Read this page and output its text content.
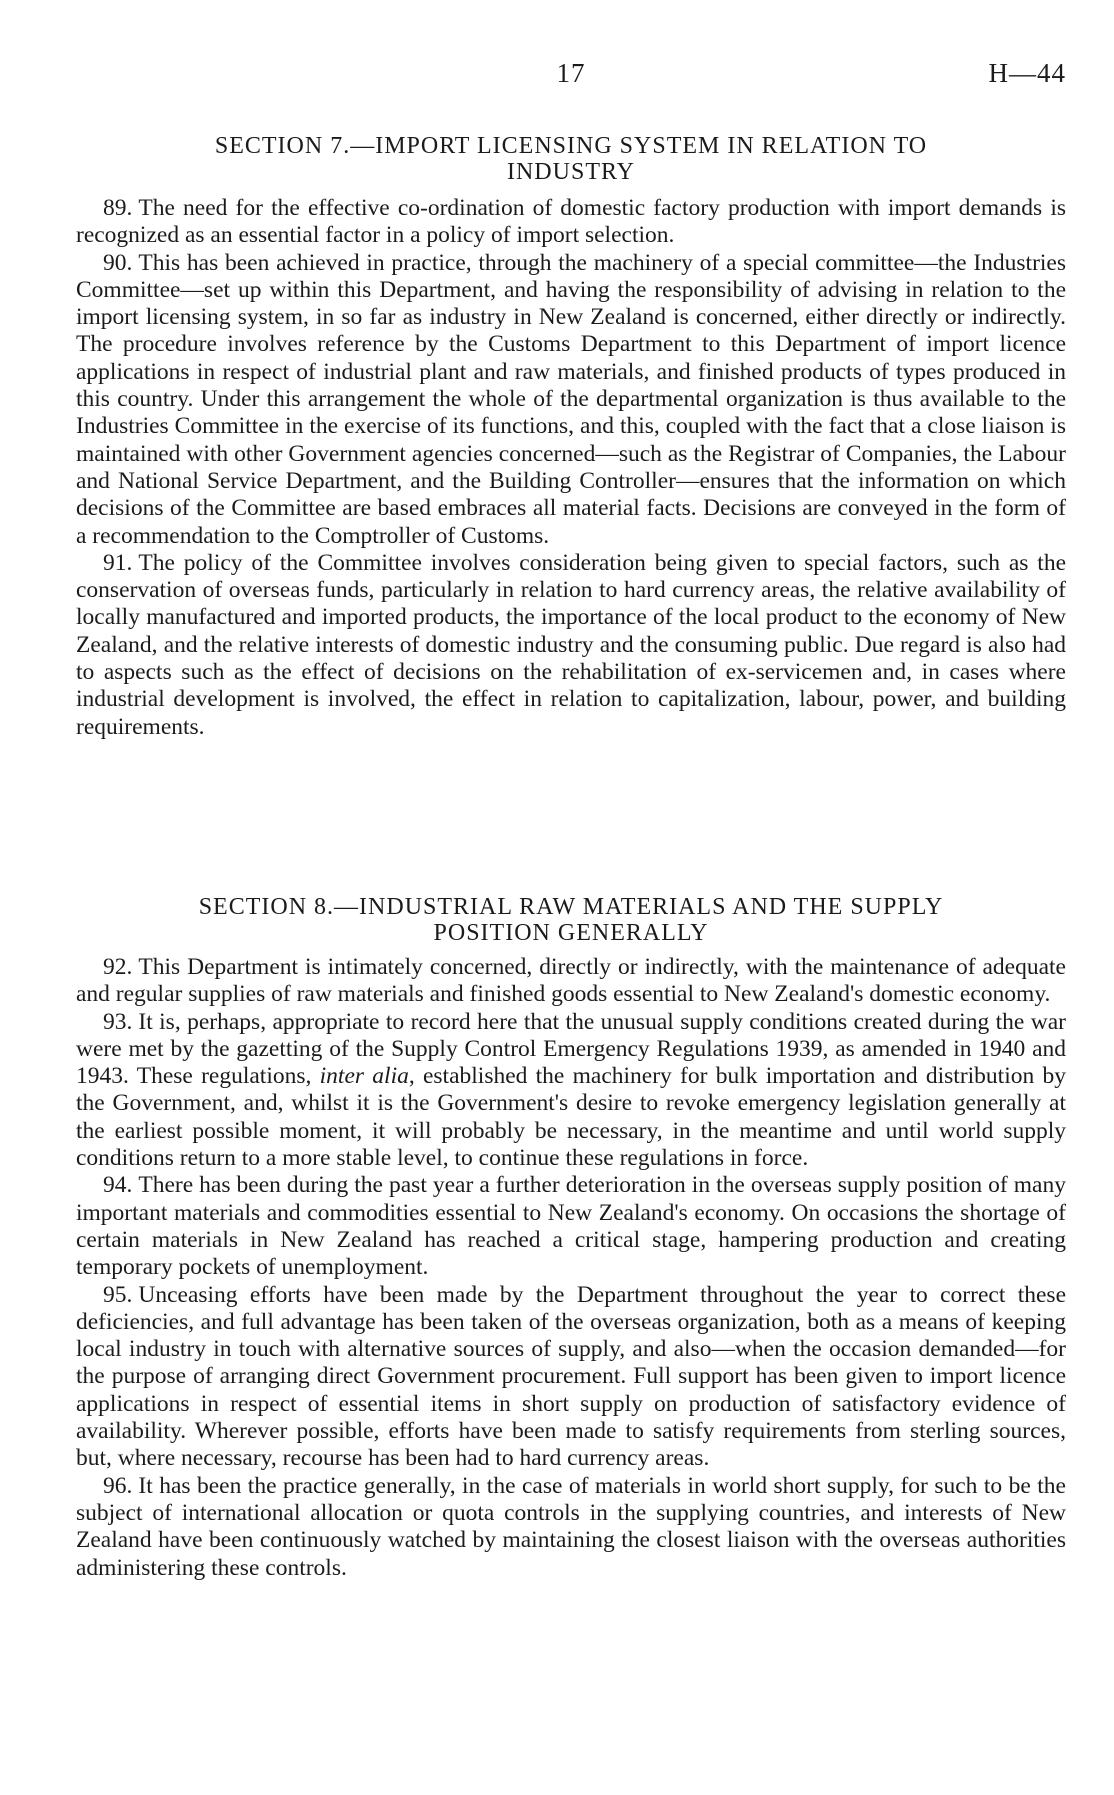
17	H—44
SECTION 7.—IMPORT LICENSING SYSTEM IN RELATION TO
INDUSTRY

89. The need for the effective co-ordination of domestic factory production with import demands is recognized as an essential factor in a policy of import selection.

90. This has been achieved in practice, through the machinery of a special committee—the Industries Committee—set up within this Department, and having the responsibility of advising in relation to the import licensing system, in so far as industry in New Zealand is concerned, either directly or indirectly. The procedure involves reference by the Customs Department to this Department of import licence applications in respect of industrial plant and raw materials, and finished products of types produced in this country. Under this arrangement the whole of the departmental organization is thus available to the Industries Committee in the exercise of its functions, and this, coupled with the fact that a close liaison is maintained with other Government agencies concerned—such as the Registrar of Companies, the Labour and National Service Department, and the Building Controller—ensures that the information on which decisions of the Committee are based embraces all material facts. Decisions are conveyed in the form of a recommendation to the Comptroller of Customs.

91. The policy of the Committee involves consideration being given to special factors, such as the conservation of overseas funds, particularly in relation to hard currency areas, the relative availability of locally manufactured and imported products, the importance of the local product to the economy of New Zealand, and the relative interests of domestic industry and the consuming public. Due regard is also had to aspects such as the effect of decisions on the rehabilitation of ex-servicemen and, in cases where industrial development is involved, the effect in relation to capitalization, labour, power, and building requirements.

SECTION 8.—INDUSTRIAL RAW MATERIALS AND THE SUPPLY
POSITION GENERALLY

92. This Department is intimately concerned, directly or indirectly, with the maintenance of adequate and regular supplies of raw materials and finished goods essential to New Zealand's domestic economy.

93. It is, perhaps, appropriate to record here that the unusual supply conditions created during the war were met by the gazetting of the Supply Control Emergency Regulations 1939, as amended in 1940 and 1943. These regulations, inter alia, established the machinery for bulk importation and distribution by the Government, and, whilst it is the Government's desire to revoke emergency legislation generally at the earliest possible moment, it will probably be necessary, in the meantime and until world supply conditions return to a more stable level, to continue these regulations in force.

94. There has been during the past year a further deterioration in the overseas supply position of many important materials and commodities essential to New Zealand's economy. On occasions the shortage of certain materials in New Zealand has reached a critical stage, hampering production and creating temporary pockets of unemployment.

95. Unceasing efforts have been made by the Department throughout the year to correct these deficiencies, and full advantage has been taken of the overseas organization, both as a means of keeping local industry in touch with alternative sources of supply, and also—when the occasion demanded—for the purpose of arranging direct Government procurement. Full support has been given to import licence applications in respect of essential items in short supply on production of satisfactory evidence of availability. Wherever possible, efforts have been made to satisfy requirements from sterling sources, but, where necessary, recourse has been had to hard currency areas.

96. It has been the practice generally, in the case of materials in world short supply, for such to be the subject of international allocation or quota controls in the supplying countries, and interests of New Zealand have been continuously watched by maintaining the closest liaison with the overseas authorities administering these controls.
